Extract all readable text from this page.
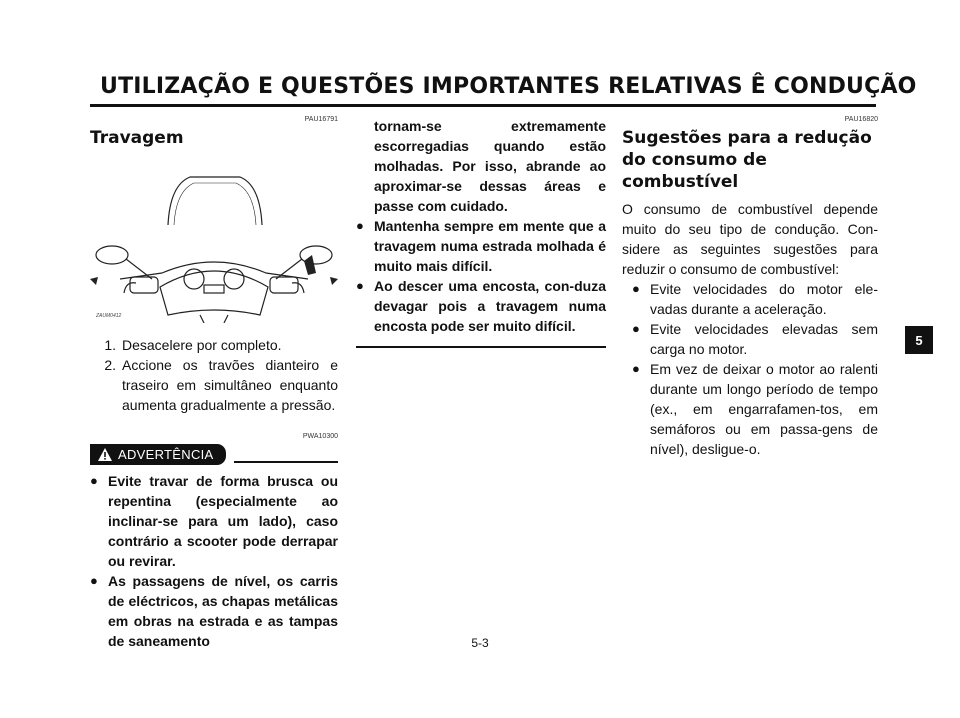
UTILIZAÇÃO E QUESTÕES IMPORTANTES RELATIVAS Ê CONDUÇÃO
PAU16791
Travagem
ZAUM0412
1. Desacelere por completo.
2. Accione os travões dianteiro e traseiro em simultâneo enquanto aumenta gradualmente a pressão.
PWA10300
ADVERTÊNCIA
● Evite travar de forma brusca ou repentina (especialmente ao inclinar-se para um lado), caso contrário a scooter pode derrapar ou revirar.
● As passagens de nível, os carris de eléctricos, as chapas metálicas em obras na estrada e as tampas de saneamento
tornam-se extremamente escorregadias quando estão molhadas. Por isso, abrande ao aproximar-se dessas áreas e passe com cuidado.
● Mantenha sempre em mente que a travagem numa estrada molhada é muito mais difícil.
● Ao descer uma encosta, con-duza devagar pois a travagem numa encosta pode ser muito difícil.
PAU16820
Sugestões para a redução do consumo de combustível
O consumo de combustível depende muito do seu tipo de condução. Con-sidere as seguintes sugestões para reduzir o consumo de combustível:
● Evite velocidades do motor ele-vadas durante a aceleração.
● Evite velocidades elevadas sem carga no motor.
● Em vez de deixar o motor ao ralenti durante um longo período de tempo (ex., em engarrafamen-tos, em semáforos ou em passa-gens de nível), desligue-o.
5
5-3
